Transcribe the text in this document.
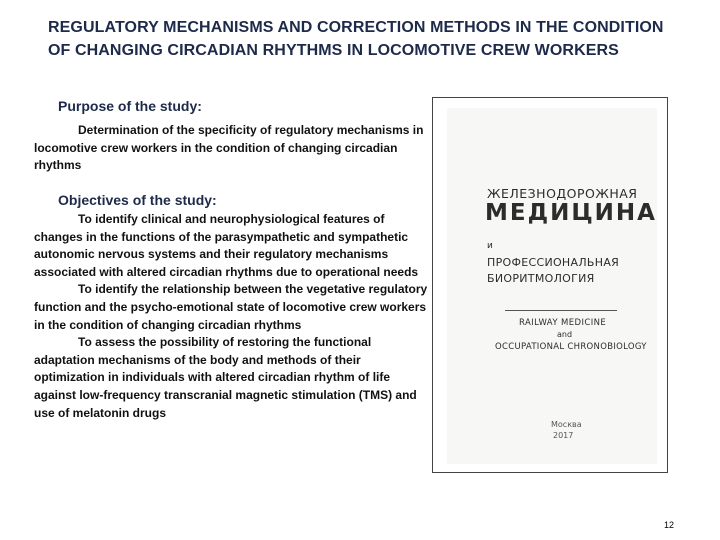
REGULATORY MECHANISMS AND CORRECTION METHODS IN THE CONDITION OF CHANGING CIRCADIAN RHYTHMS IN LOCOMOTIVE CREW WORKERS
Purpose of the study:

Determination of the specificity of regulatory mechanisms in locomotive crew workers in the condition of changing circadian rhythms

Objectives of the study:

To identify clinical and neurophysiological features of changes in the functions of the parasympathetic and sympathetic autonomic nervous systems and their regulatory mechanisms associated with altered circadian rhythms due to operational needs

To identify the relationship between the vegetative regulatory function and the psycho-emotional state of locomotive crew workers in the condition of changing circadian rhythms

To assess the possibility of restoring the functional adaptation mechanisms of the body and methods of their optimization in individuals with altered circadian rhythm of life against low-frequency transcranial magnetic stimulation (TMS) and use of melatonin drugs

ЖЕЛЕЗНОДОРОЖНАЯ

МЕДИЦИНА

и

ПРОФЕССИОНАЛЬНАЯ

БИОРИТМОЛОГИЯ

RAILWAY MEDICINE

and

OCCUPATIONAL CHRONOBIOLOGY

Москва

2017

12
